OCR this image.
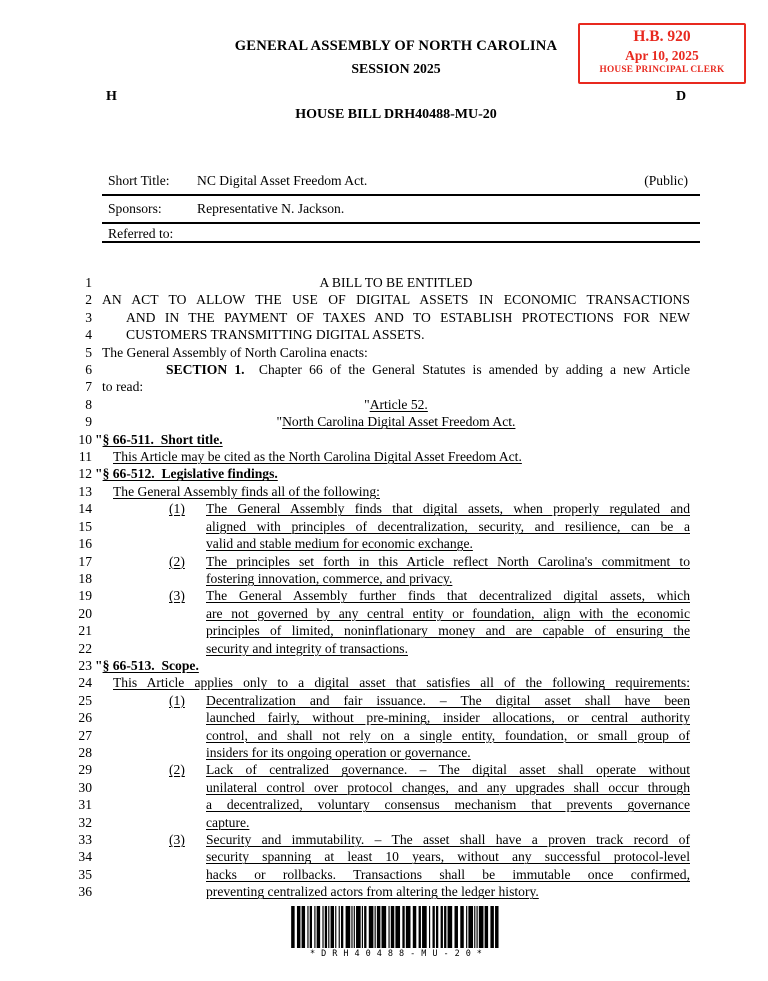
GENERAL ASSEMBLY OF NORTH CAROLINA
SESSION 2025
H	D
HOUSE BILL DRH40488-MU-20
H.B. 920
Apr 10, 2025
HOUSE PRINCIPAL CLERK
Short Title: NC Digital Asset Freedom Act.	(Public)
Sponsors:	Representative N. Jackson.
Referred to:
1	A BILL TO BE ENTITLED
2 AN ACT TO ALLOW THE USE OF DIGITAL ASSETS IN ECONOMIC TRANSACTIONS
3	AND IN THE PAYMENT OF TAXES AND TO ESTABLISH PROTECTIONS FOR NEW
4	CUSTOMERS TRANSMITTING DIGITAL ASSETS.
5 The General Assembly of North Carolina enacts:
6	SECTION 1.  Chapter 66 of the General Statutes is amended by adding a new Article
7 to read:
8	"Article 52.
9	"North Carolina Digital Asset Freedom Act.
10 "§ 66-511.  Short title.
11	This Article may be cited as the North Carolina Digital Asset Freedom Act.
12 "§ 66-512.  Legislative findings.
13	The General Assembly finds all of the following:
14	(1) The General Assembly finds that digital assets, when properly regulated and
15	aligned with principles of decentralization, security, and resilience, can be a
16	valid and stable medium for economic exchange.
17	(2) The principles set forth in this Article reflect North Carolina's commitment to
18	fostering innovation, commerce, and privacy.
19	(3) The General Assembly further finds that decentralized digital assets, which
20	are not governed by any central entity or foundation, align with the economic
21	principles of limited, noninflationary money and are capable of ensuring the
22	security and integrity of transactions.
23 "§ 66-513.  Scope.
24	This Article applies only to a digital asset that satisfies all of the following requirements:
25	(1) Decentralization and fair issuance. – The digital asset shall have been
26	launched fairly, without pre-mining, insider allocations, or central authority
27	control, and shall not rely on a single entity, foundation, or small group of
28	insiders for its ongoing operation or governance.
29	(2) Lack of centralized governance. – The digital asset shall operate without
30	unilateral control over protocol changes, and any upgrades shall occur through
31	a decentralized, voluntary consensus mechanism that prevents governance
32	capture.
33	(3) Security and immutability. – The asset shall have a proven track record of
34	security spanning at least 10 years, without any successful protocol-level
35	hacks or rollbacks. Transactions shall be immutable once confirmed,
36	preventing centralized actors from altering the ledger history.
*DRH40488-MU-20*
